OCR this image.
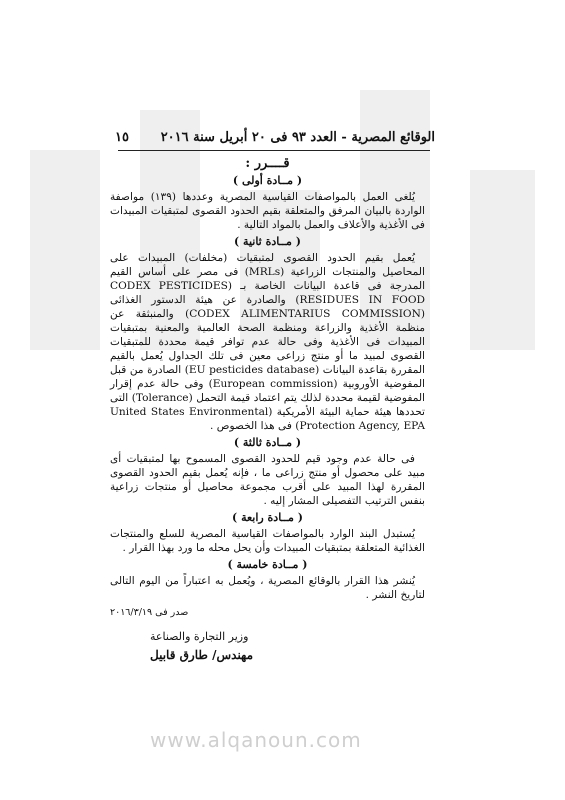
الوقائع المصرية - العدد ٩٣ فى ٢٠ أبريل سنة ٢٠١٦
١٥
قــــرر :
( مــادة أولى )

يُلغى العمل بالمواصفات القياسية المصرية وعددها (١٣٩) مواصفة الواردة بالبيان المرفق والمتعلقة بقيم الحدود القصوى لمتبقيات المبيدات فى الأغذية والأعلاف والعمل بالمواد التالية .

( مــادة ثانية )

يُعمل بقيم الحدود القصوى لمتبقيات (مخلفات) المبيدات على المحاصيل والمنتجات الزراعية (MRLs) فى مصر على أساس القيم المدرجة فى قاعدة البيانات الخاصة بـ (CODEX PESTICIDES RESIDUES IN FOOD) والصادرة عن هيئة الدستور الغذائى (CODEX ALIMENTARIUS COMMISSION) والمنبثقة عن منظمة الأغذية والزراعة ومنظمة الصحة العالمية والمعنية بمتبقيات المبيدات فى الأغذية وفى حالة عدم توافر قيمة محددة للمتبقيات القصوى لمبيد ما أو منتج زراعى معين فى تلك الجداول يُعمل بالقيم المقررة بقاعدة البيانات (EU pesticides database) الصادرة من قبل المفوضية الأوروبية (European commission) وفى حالة عدم إقرار المفوضية لقيمة محددة لذلك يتم اعتماد قيمة التحمل (Tolerance) التى تحددها هيئة حماية البيئة الأمريكية (United States Environmental Protection Agency, EPA) فى هذا الخصوص .

( مــادة ثالثة )

فى حالة عدم وجود قيم للحدود القصوى المسموح بها لمتبقيات أى مبيد على محصول أو منتج زراعى ما ، فإنه يُعمل بقيم الحدود القصوى المقررة لهذا المبيد على أقرب مجموعة محاصيل أو منتجات زراعية بنفس الترتيب التفصيلى المشار إليه .

( مــادة رابعة )

يُستبدل البند الوارد بالمواصفات القياسية المصرية للسلع والمنتجات الغذائية المتعلقة بمتبقيات المبيدات وأن يحل محله ما ورد بهذا القرار .

( مــادة خامسة )

يُنشر هذا القرار بالوقائع المصرية ، ويُعمل به اعتباراً من اليوم التالى لتاريخ النشر .

صدر فى ٢٠١٦/٣/١٩
وزير التجارة والصناعة
مهندس/ طارق قابيل
www.alqanoun.com
